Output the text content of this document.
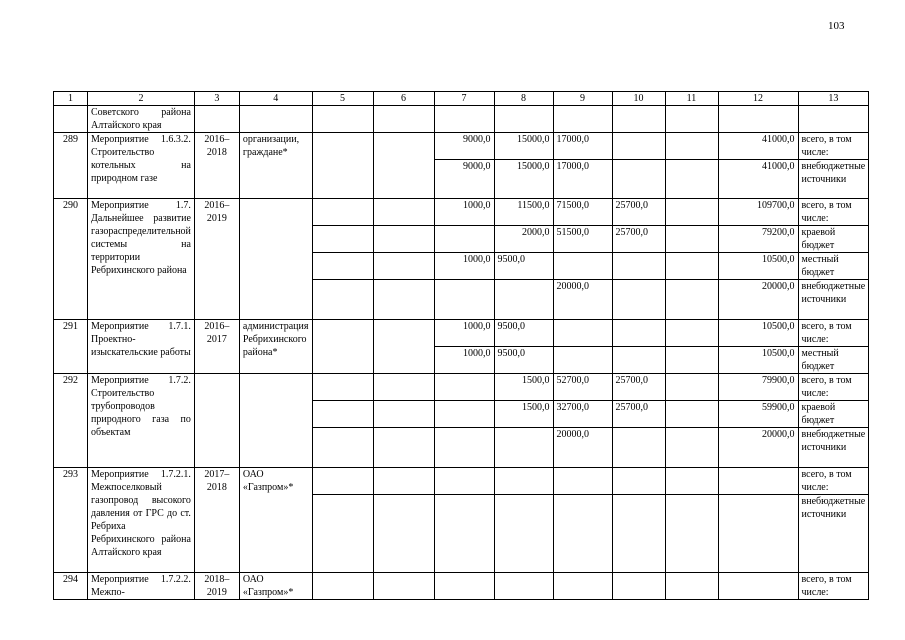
103
1	2	3	4	5	6	7	8	9	10	11	12	13
	Советского района Алтайского края											
289	Мероприятие 1.6.3.2. Строительство котельных на природном газе	2016–2018	организации, граждане*			9000,0	15000,0	17000,0			41000,0	всего, в том числе:
						9000,0	15000,0	17000,0			41000,0	внебюджетные источники
290	Мероприятие 1.7. Дальнейшее развитие газораспределительной системы на территории Ребрихинского района	2016–2019				1000,0	11500,0	71500,0	25700,0		109700,0	всего, в том числе:
							2000,0	51500,0	25700,0		79200,0	краевой бюджет
						1000,0	9500,0				10500,0	местный бюджет
								20000,0			20000,0	внебюджетные источники
291	Мероприятие 1.7.1. Проектно-изыскательские работы	2016–2017	администрация Ребрихинского района*			1000,0	9500,0				10500,0	всего, в том числе:
						1000,0	9500,0				10500,0	местный бюджет
292	Мероприятие 1.7.2. Строительство трубопроводов природного газа по объектам						1500,0	52700,0	25700,0		79900,0	всего, в том числе:
							1500,0	32700,0	25700,0		59900,0	краевой бюджет
								20000,0			20000,0	внебюджетные источники
293	Мероприятие 1.7.2.1. Межпоселковый газопровод высокого давления от ГРС до ст. Ребриха Ребрихинского района Алтайского края	2017–2018	ОАО «Газпром»*									всего, в том числе:
												внебюджетные источники
294	Мероприятие 1.7.2.2. Межпо-	2018–2019	ОАО «Газпром»*									всего, в том числе:
